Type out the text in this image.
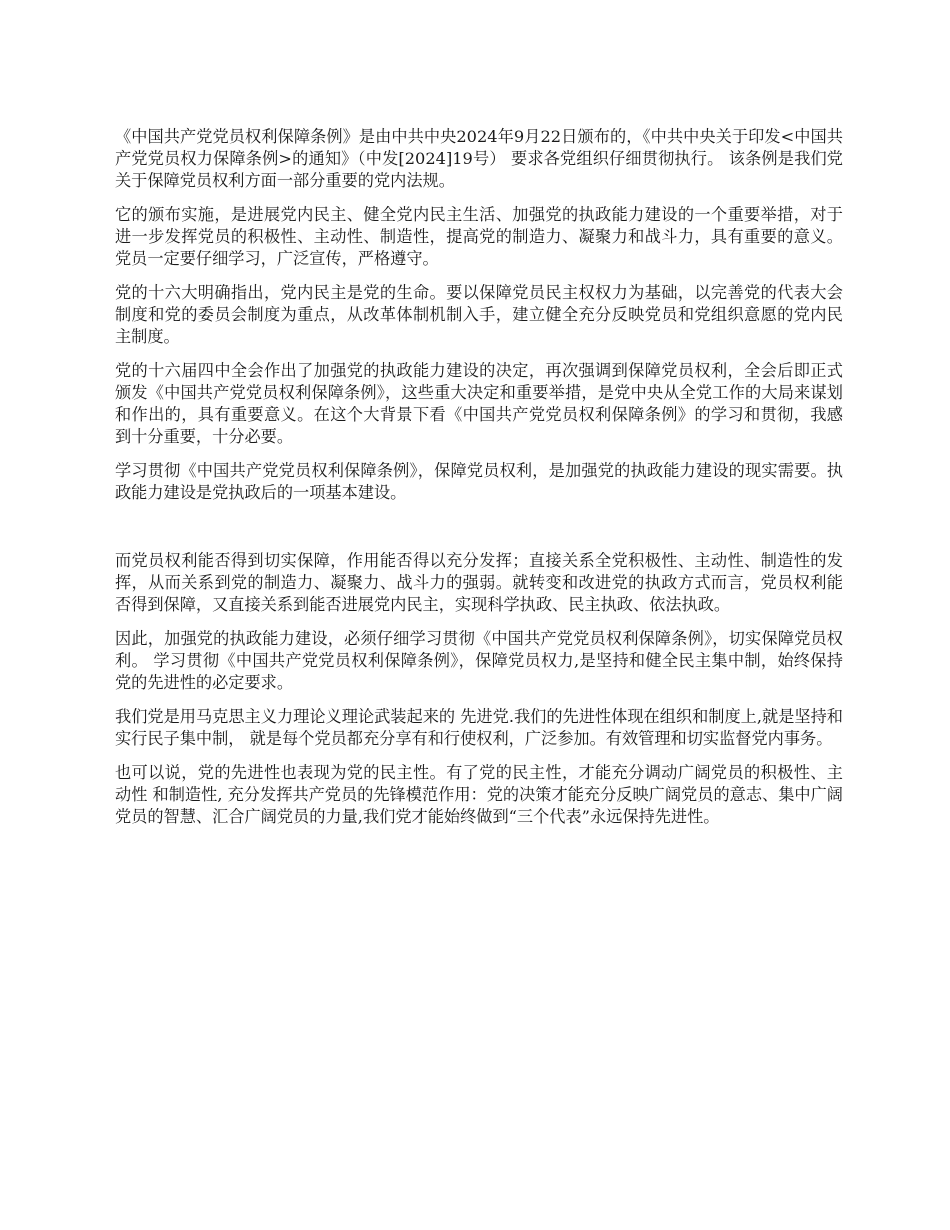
《中国共产党党员权利保障条例》是由中共中央2024年9月22日颁布的，《中共中央关于印发<中国共产党党员权力保障条例>的通知》（中发[2024]19号） 要求各党组织仔细贯彻执行。 该条例是我们党关于保障党员权利方面一部分重要的党内法规。

它的颁布实施，是进展党内民主、健全党内民主生活、加强党的执政能力建设的一个重要举措，对于进一步发挥党员的积极性、主动性、制造性，提高党的制造力、凝聚力和战斗力，具有重要的意义。党员一定要仔细学习，广泛宣传，严格遵守。

党的十六大明确指出，党内民主是党的生命。要以保障党员民主权权力为基础，以完善党的代表大会制度和党的委员会制度为重点，从改革体制机制入手，建立健全充分反映党员和党组织意愿的党内民主制度。

党的十六届四中全会作出了加强党的执政能力建设的决定，再次强调到保障党员权利，全会后即正式颁发《中国共产党党员权利保障条例》，这些重大决定和重要举措，是党中央从全党工作的大局来谋划和作出的，具有重要意义。在这个大背景下看《中国共产党党员权利保障条例》的学习和贯彻，我感到十分重要，十分必要。

学习贯彻《中国共产党党员权利保障条例》，保障党员权利，是加强党的执政能力建设的现实需要。执政能力建设是党执政后的一项基本建设。

而党员权利能否得到切实保障，作用能否得以充分发挥；直接关系全党积极性、主动性、制造性的发挥，从而关系到党的制造力、凝聚力、战斗力的强弱。就转变和改进党的执政方式而言，党员权利能否得到保障，又直接关系到能否进展党内民主，实现科学执政、民主执政、依法执政。

因此，加强党的执政能力建设，必须仔细学习贯彻《中国共产党党员权利保障条例》，切实保障党员权利。 学习贯彻《中国共产党党员权利保障条例》，保障党员权力,是坚持和健全民主集中制，始终保持党的先进性的必定要求。

我们党是用马克思主义力理论义理论武装起来的 先进党.我们的先进性体现在组织和制度上,就是坚持和实行民子集中制， 就是每个党员都充分享有和行使权利，广泛参加。有效管理和切实监督党内事务。

也可以说，党的先进性也表现为党的民主性。有了党的民主性，才能充分调动广阔党员的积极性、主动性 和制造性, 充分发挥共产党员的先锋模范作用：党的决策才能充分反映广阔党员的意志、集中广阔党员的智慧、汇合广阔党员的力量,我们党才能始终做到“三个代表”永远保持先进性。
